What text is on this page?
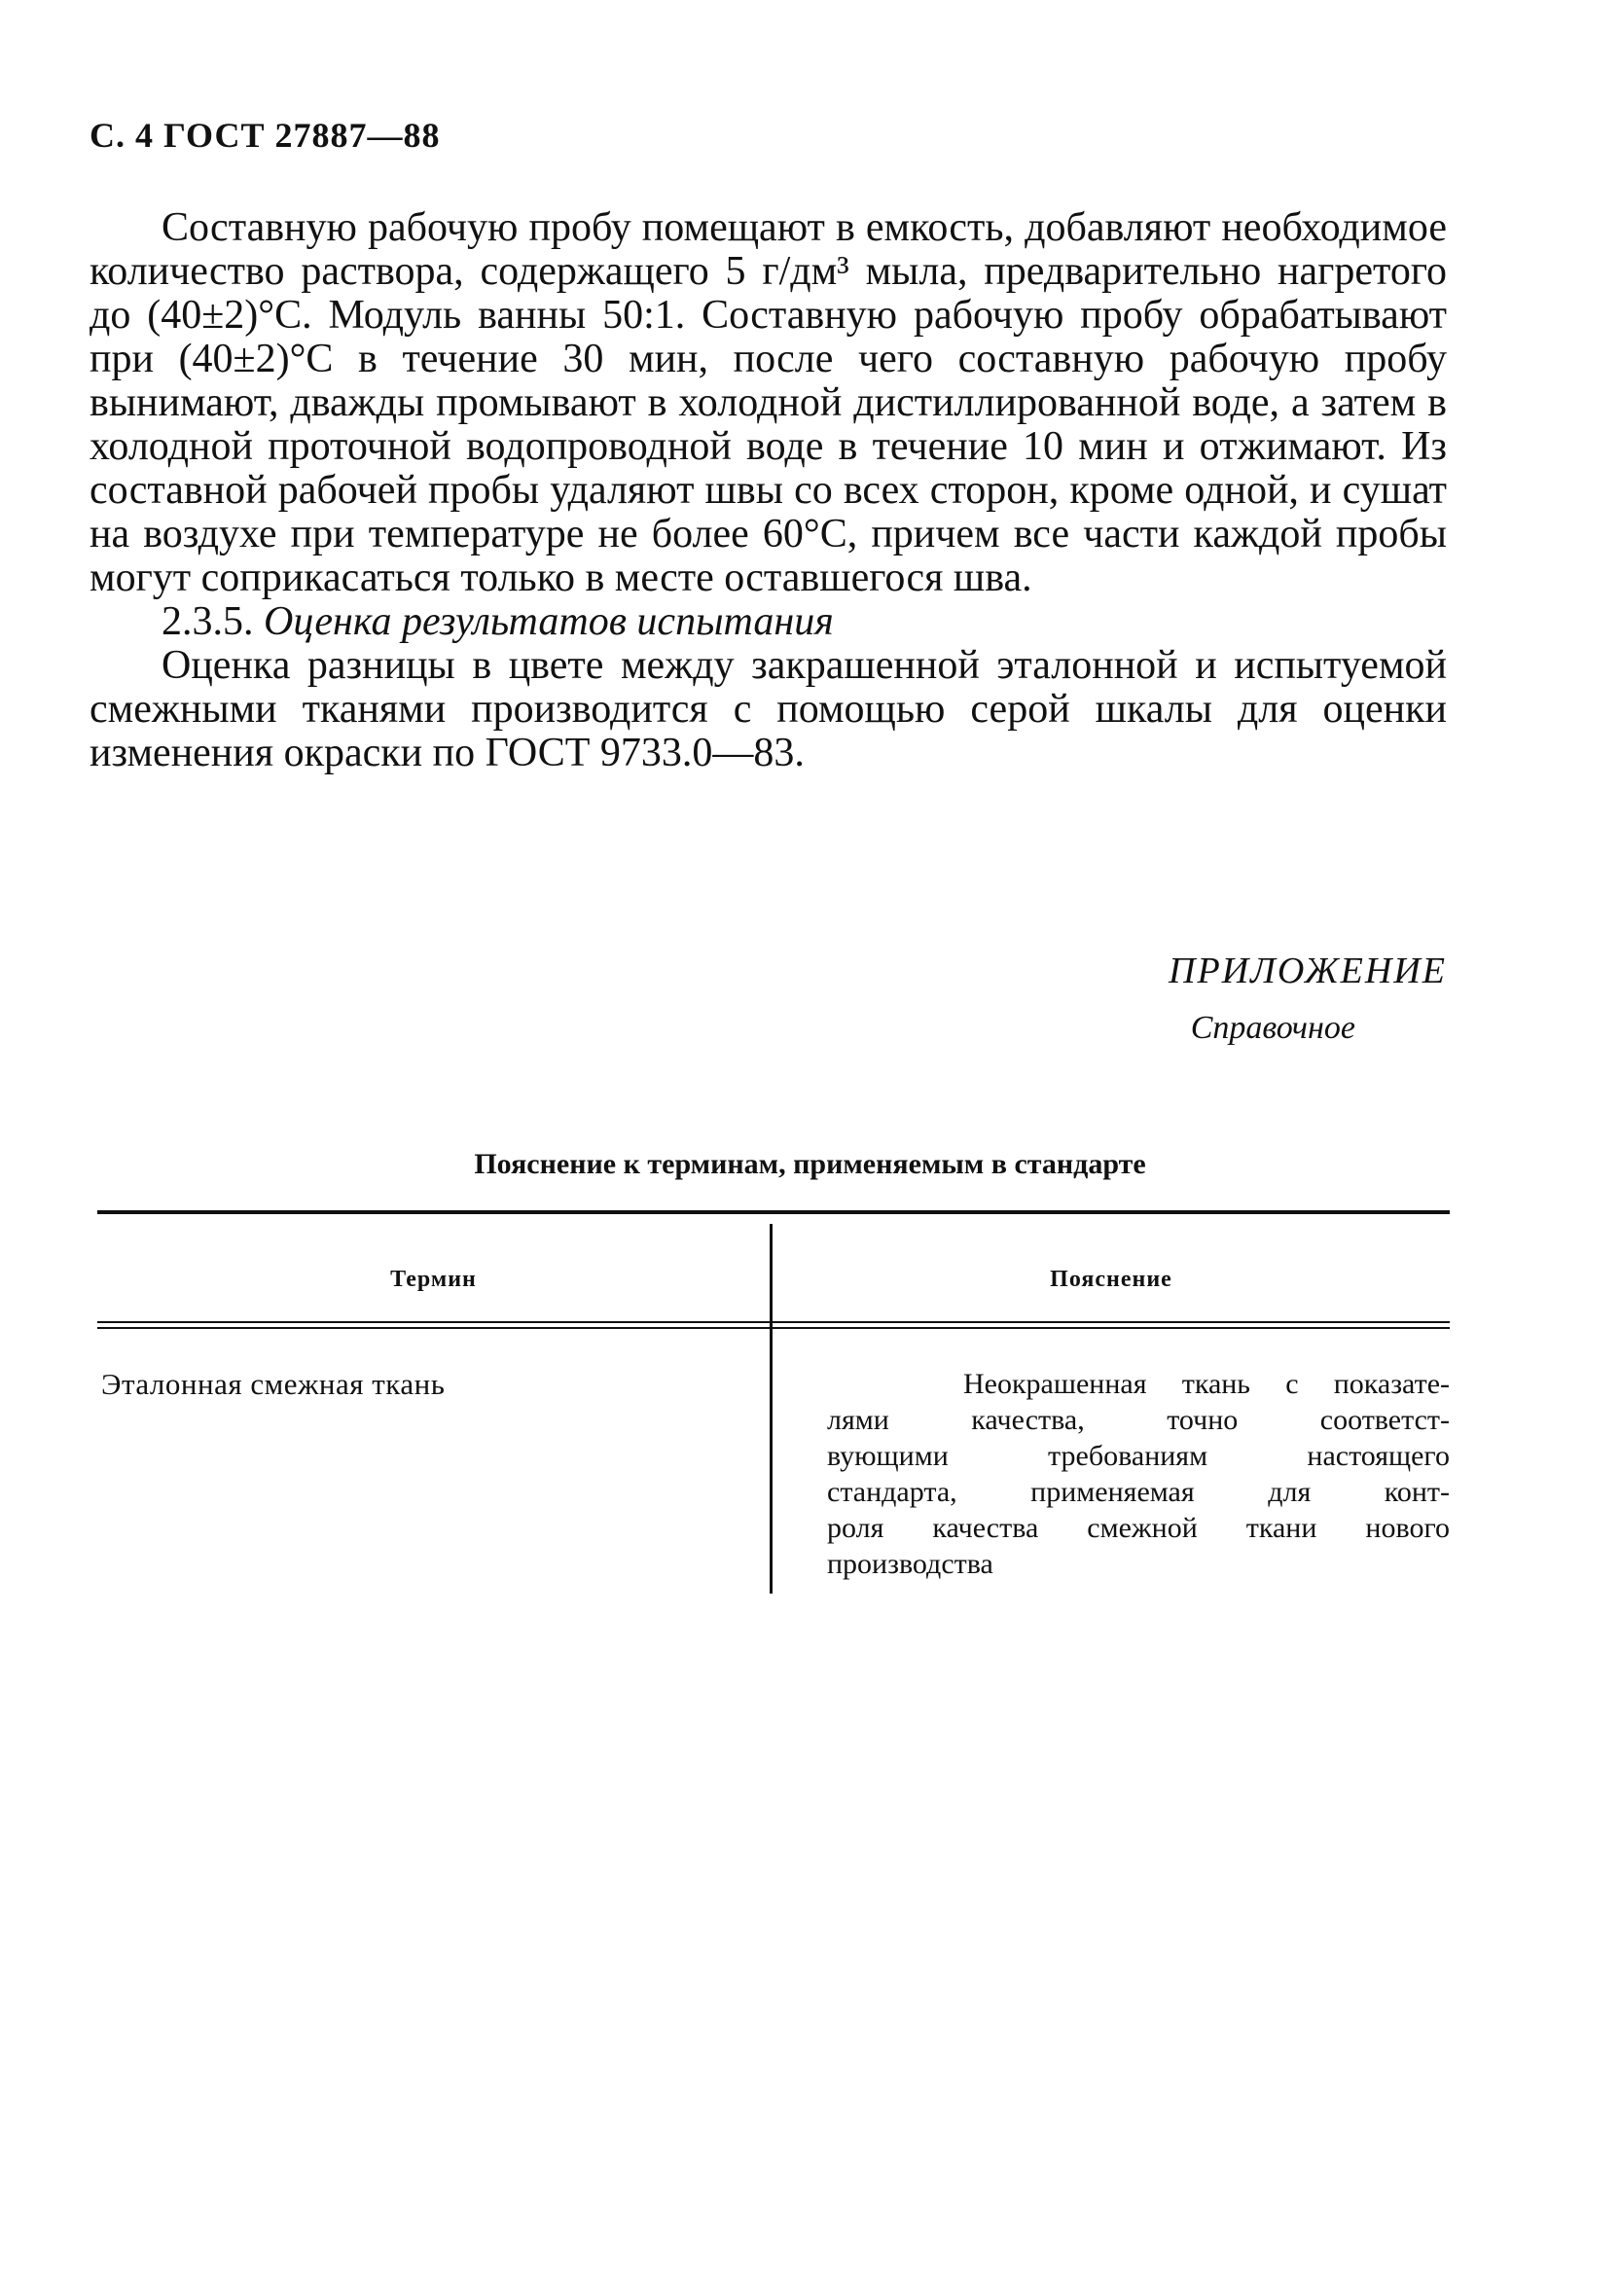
С. 4 ГОСТ 27887—88

Составную рабочую пробу помещают в емкость, добавляют необходимое количество раствора, содержащего 5 г/дм³ мыла, предварительно нагретого до (40±2)°С. Модуль ванны 50:1. Составную рабочую пробу обрабатывают при (40±2)°С в течение 30 мин, после чего составную рабочую пробу вынимают, дважды промывают в холодной дистиллированной воде, а затем в холодной проточной водопроводной воде в течение 10 мин и отжимают. Из составной рабочей пробы удаляют швы со всех сторон, кроме одной, и сушат на воздухе при температуре не более 60°С, причем все части каждой пробы могут соприкасаться только в месте оставшегося шва.

2.3.5. Оценка результатов испытания

Оценка разницы в цвете между закрашенной эталонной и испытуемой смежными тканями производится с помощью серой шкалы для оценки изменения окраски по ГОСТ 9733.0—83.

ПРИЛОЖЕНИЕ
Справочное
Пояснение к терминам, применяемым в стандарте
Термин	Пояснение
Эталонная смежная ткань	Неокрашенная ткань с показате-
лями качества, точно соответст-
вующими требованиям настоящего
стандарта, применяемая для конт-
роля качества смежной ткани нового
производства
